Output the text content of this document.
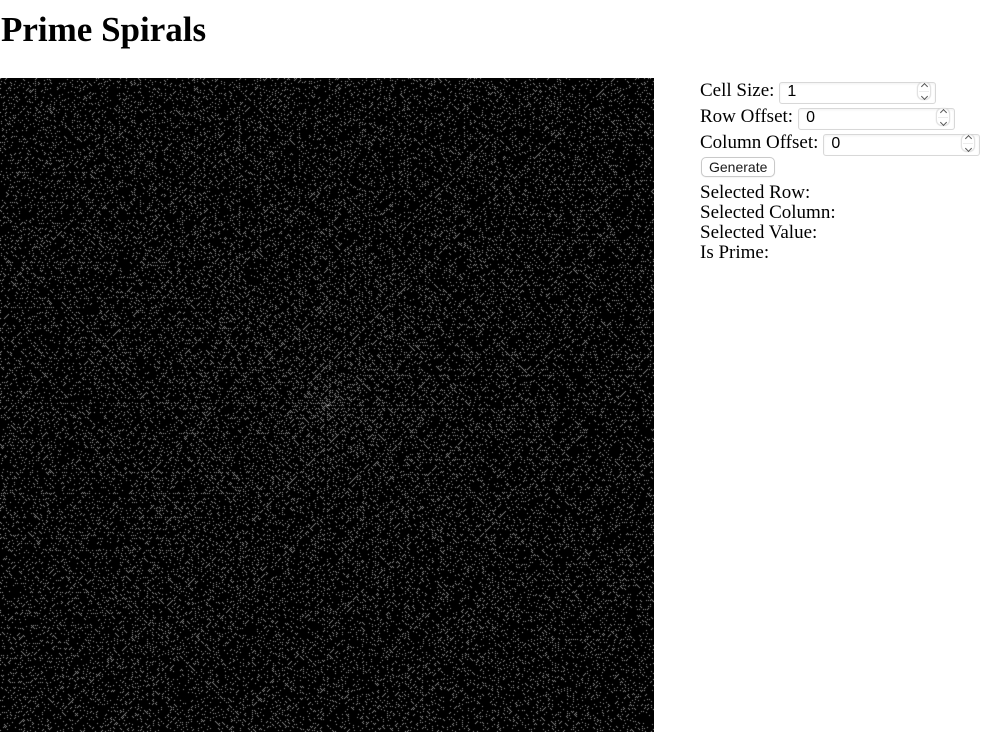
Prime Spirals
Cell Size:
1
Row Offset:
0
Column Offset:
0
Generate
Selected Row:
Selected Column:
Selected Value:
Is Prime:
